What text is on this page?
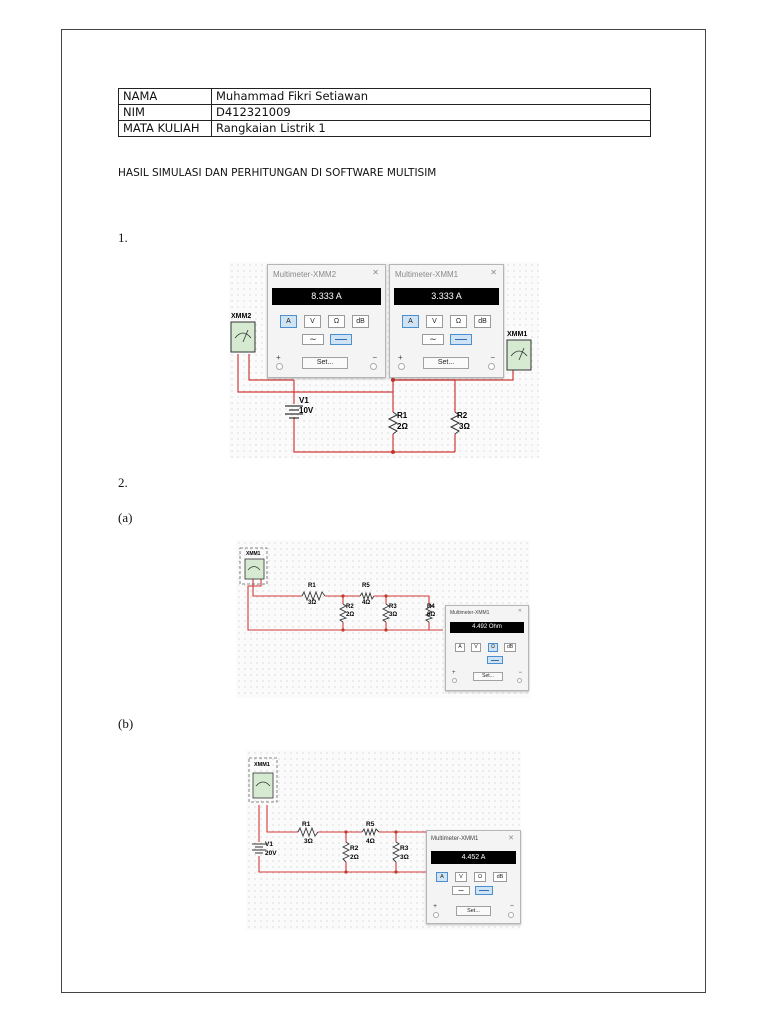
NAMA	Muhammad Fikri Setiawan
NIM	D412321009
MATA KULIAH	Rangkaian Listrik 1
HASIL SIMULASI DAN PERHITUNGAN DI SOFTWARE MULTISIM
1.
2.
(a)
(b)
XMM2
XMM1
V1
10V
R1
2Ω
R2
3Ω
Multimeter-XMM2	✕
8.333 A
A	V	Ω	dB
∼
+	−
Set...
Multimeter-XMM1	✕
3.333 A
A	V	Ω	dB
∼
+	−
Set...
XMM1
R1
3Ω
R5
4Ω
R2
2Ω
R3
3Ω
R4
6Ω	Multimeter-XMM1	✕
4.492 Ohm
A	V	Ω	dB
+	−
Set...
XMM1
V1
20V
R1
3Ω
R5
4Ω
R2
2Ω
R3
3Ω
Multimeter-XMM1	✕
4.452 A
A	V	Ω	dB
∼
+	−
Set...
